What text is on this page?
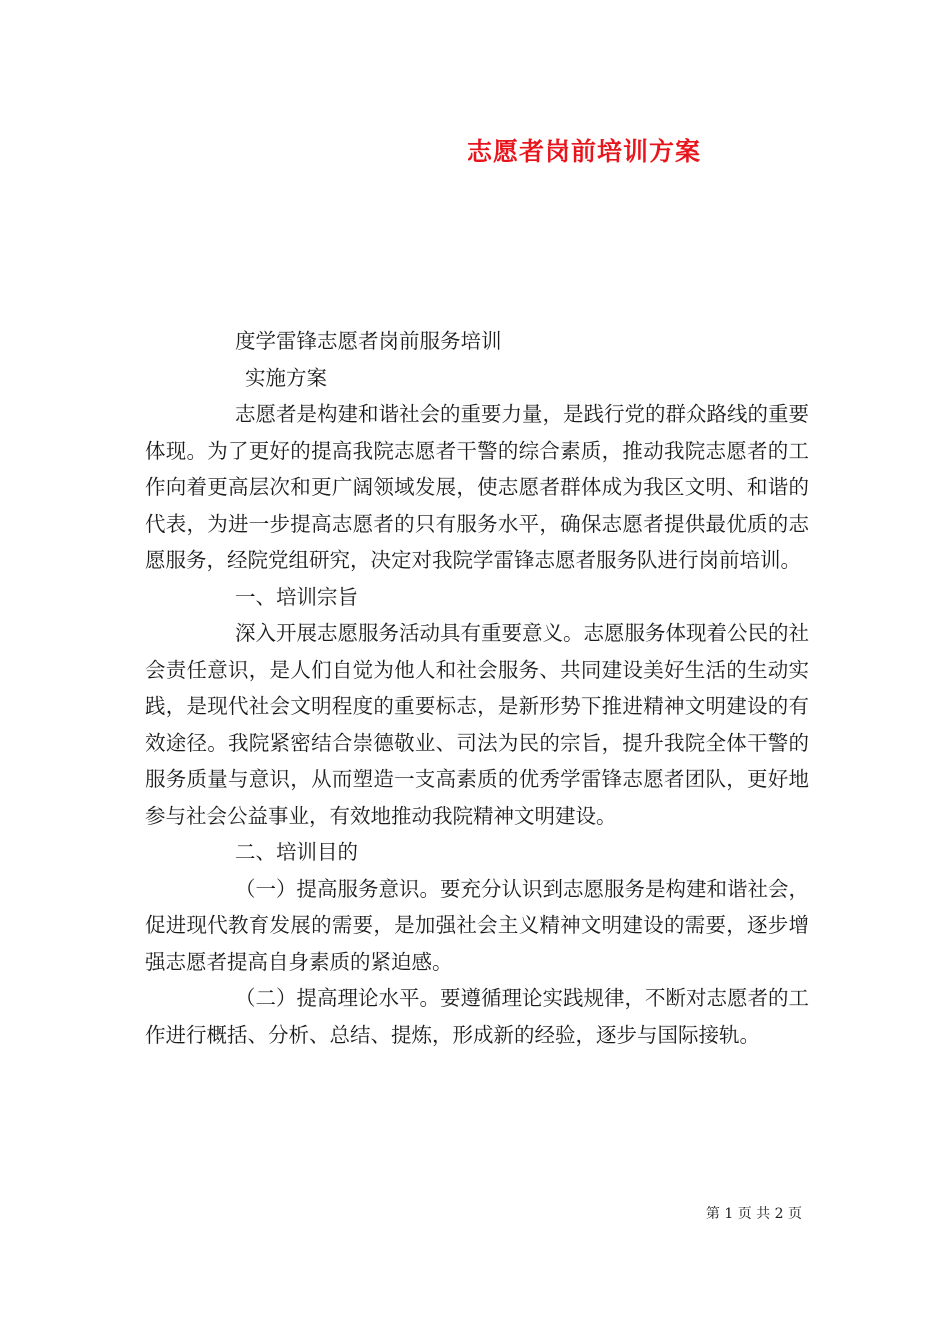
志愿者岗前培训方案

度学雷锋志愿者岗前服务培训

实施方案

志愿者是构建和谐社会的重要力量，是践行党的群众路线的重要体现。为了更好的提高我院志愿者干警的综合素质，推动我院志愿者的工作向着更高层次和更广阔领域发展，使志愿者群体成为我区文明、和谐的代表，为进一步提高志愿者的只有服务水平，确保志愿者提供最优质的志愿服务，经院党组研究，决定对我院学雷锋志愿者服务队进行岗前培训。

一、培训宗旨

深入开展志愿服务活动具有重要意义。志愿服务体现着公民的社会责任意识，是人们自觉为他人和社会服务、共同建设美好生活的生动实践，是现代社会文明程度的重要标志，是新形势下推进精神文明建设的有效途径。我院紧密结合崇德敬业、司法为民的宗旨，提升我院全体干警的服务质量与意识，从而塑造一支高素质的优秀学雷锋志愿者团队，更好地参与社会公益事业，有效地推动我院精神文明建设。

二、培训目的

（一）提高服务意识。要充分认识到志愿服务是构建和谐社会，促进现代教育发展的需要，是加强社会主义精神文明建设的需要，逐步增强志愿者提高自身素质的紧迫感。

（二）提高理论水平。要遵循理论实践规律，不断对志愿者的工作进行概括、分析、总结、提炼，形成新的经验，逐步与国际接轨。

第 1 页 共 2 页
